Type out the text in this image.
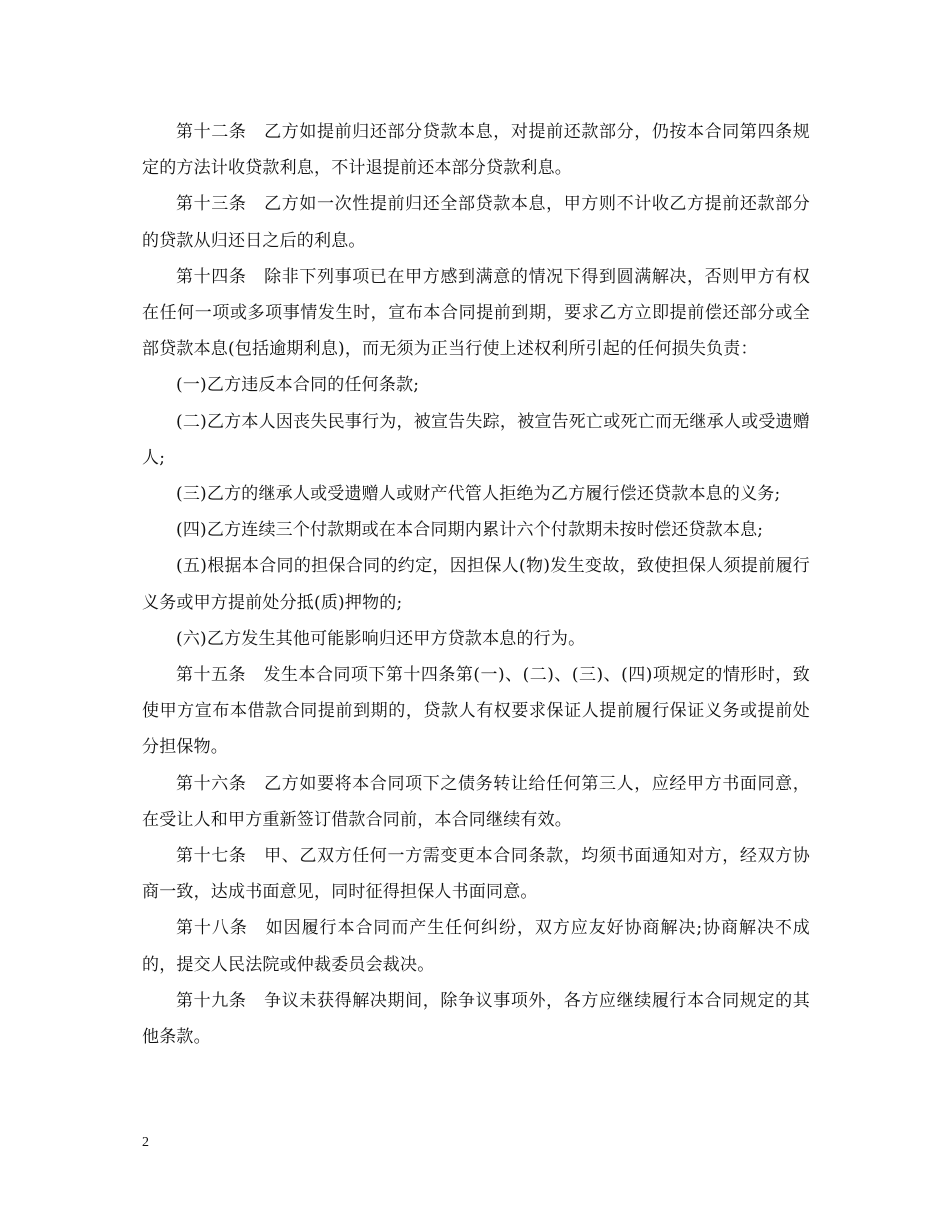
第十二条　乙方如提前归还部分贷款本息，对提前还款部分，仍按本合同第四条规定的方法计收贷款利息，不计退提前还本部分贷款利息。

第十三条　乙方如一次性提前归还全部贷款本息，甲方则不计收乙方提前还款部分的贷款从归还日之后的利息。

第十四条　除非下列事项已在甲方感到满意的情况下得到圆满解决，否则甲方有权在任何一项或多项事情发生时，宣布本合同提前到期，要求乙方立即提前偿还部分或全部贷款本息(包括逾期利息)，而无须为正当行使上述权利所引起的任何损失负责：

(一)乙方违反本合同的任何条款;

(二)乙方本人因丧失民事行为，被宣告失踪，被宣告死亡或死亡而无继承人或受遗赠人;

(三)乙方的继承人或受遗赠人或财产代管人拒绝为乙方履行偿还贷款本息的义务;

(四)乙方连续三个付款期或在本合同期内累计六个付款期未按时偿还贷款本息;

(五)根据本合同的担保合同的约定，因担保人(物)发生变故，致使担保人须提前履行义务或甲方提前处分抵(质)押物的;

(六)乙方发生其他可能影响归还甲方贷款本息的行为。

第十五条　发生本合同项下第十四条第(一)、(二)、(三)、(四)项规定的情形时，致使甲方宣布本借款合同提前到期的，贷款人有权要求保证人提前履行保证义务或提前处分担保物。

第十六条　乙方如要将本合同项下之债务转让给任何第三人，应经甲方书面同意，在受让人和甲方重新签订借款合同前，本合同继续有效。

第十七条　甲、乙双方任何一方需变更本合同条款，均须书面通知对方，经双方协商一致，达成书面意见，同时征得担保人书面同意。

第十八条　如因履行本合同而产生任何纠纷，双方应友好协商解决;协商解决不成的，提交人民法院或仲裁委员会裁决。

第十九条　争议未获得解决期间，除争议事项外，各方应继续履行本合同规定的其他条款。

2
